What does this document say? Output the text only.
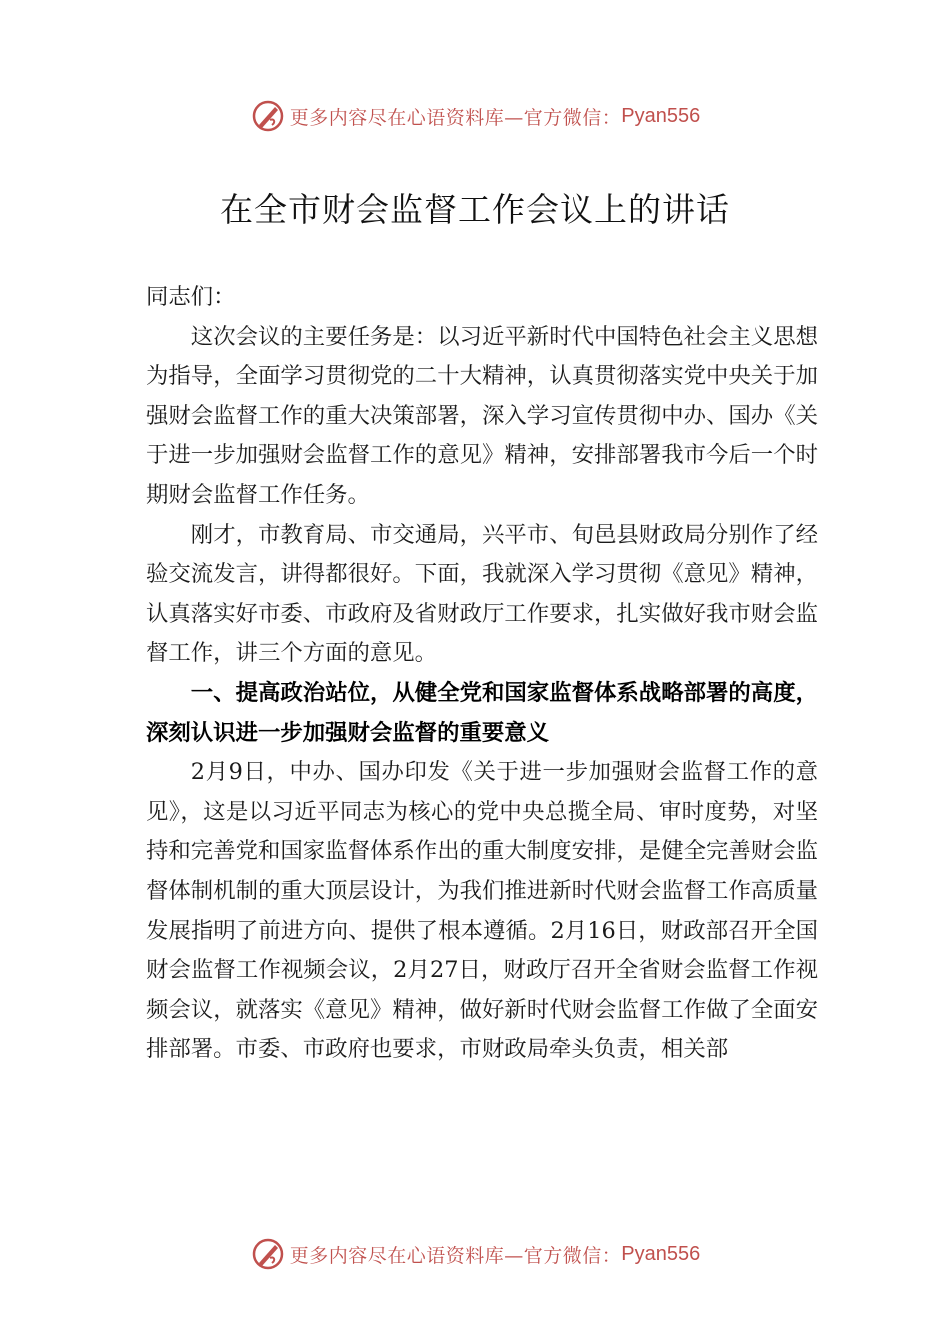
更多内容尽在心语资料库—官方微信： Pyan556
在全市财会监督工作会议上的讲话

同志们：

这次会议的主要任务是：以习近平新时代中国特色社会主义思想为指导，全面学习贯彻党的二十大精神，认真贯彻落实党中央关于加强财会监督工作的重大决策部署，深入学习宣传贯彻中办、国办《关于进一步加强财会监督工作的意见》精神，安排部署我市今后一个时期财会监督工作任务。

刚才，市教育局、市交通局，兴平市、旬邑县财政局分别作了经验交流发言，讲得都很好。下面，我就深入学习贯彻《意见》精神，认真落实好市委、市政府及省财政厅工作要求，扎实做好我市财会监督工作，讲三个方面的意见。

一、提高政治站位，从健全党和国家监督体系战略部署的高度，深刻认识进一步加强财会监督的重要意义

2月9日，中办、国办印发《关于进一步加强财会监督工作的意见》，这是以习近平同志为核心的党中央总揽全局、审时度势，对坚持和完善党和国家监督体系作出的重大制度安排，是健全完善财会监督体制机制的重大顶层设计，为我们推进新时代财会监督工作高质量发展指明了前进方向、提供了根本遵循。2月16日，财政部召开全国财会监督工作视频会议，2月27日，财政厅召开全省财会监督工作视频会议，就落实《意见》精神，做好新时代财会监督工作做了全面安排部署。市委、市政府也要求，市财政局牵头负责，相关部

更多内容尽在心语资料库—官方微信： Pyan556
